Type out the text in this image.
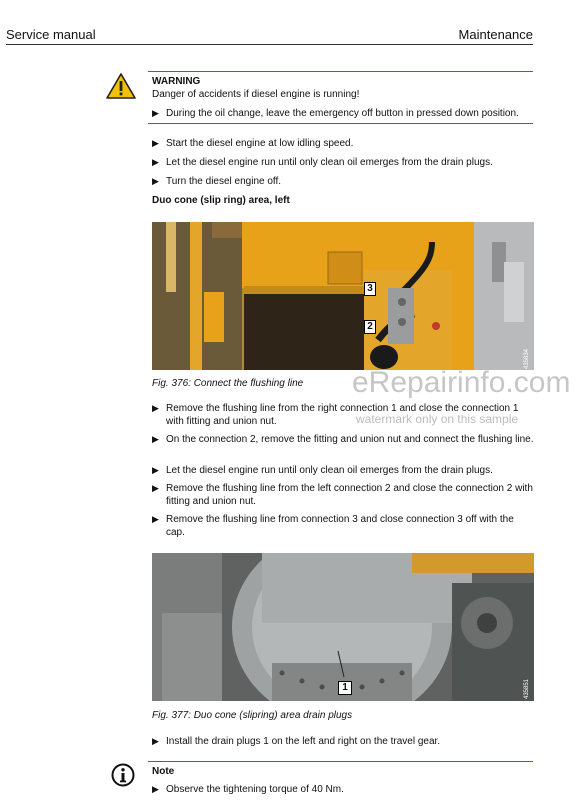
Service manual	Maintenance
WARNING
Danger of accidents if diesel engine is running!
▶ During the oil change, leave the emergency off button in pressed down position.
▶ Start the diesel engine at low idling speed.
▶ Let the diesel engine run until only clean oil emerges from the drain plugs.
▶ Turn the diesel engine off.
Duo cone (slip ring) area, left
3
2
435834
Fig. 376: Connect the flushing line eRepairinfo.com
watermark only on this sample
▶ Remove the flushing line from the right connection 1 and close the connection 1 with fitting and union nut.
▶ On the connection 2, remove the fitting and union nut and connect the flushing line.
▶ Let the diesel engine run until only clean oil emerges from the drain plugs.
▶ Remove the flushing line from the left connection 2 and close the connection 2 with fitting and union nut.
▶ Remove the flushing line from connection 3 and close connection 3 off with the cap.
1	435851
Fig. 377: Duo cone (slipring) area drain plugs
▶ Install the drain plugs 1 on the left and right on the travel gear.
Note
▶ Observe the tightening torque of 40 Nm.
